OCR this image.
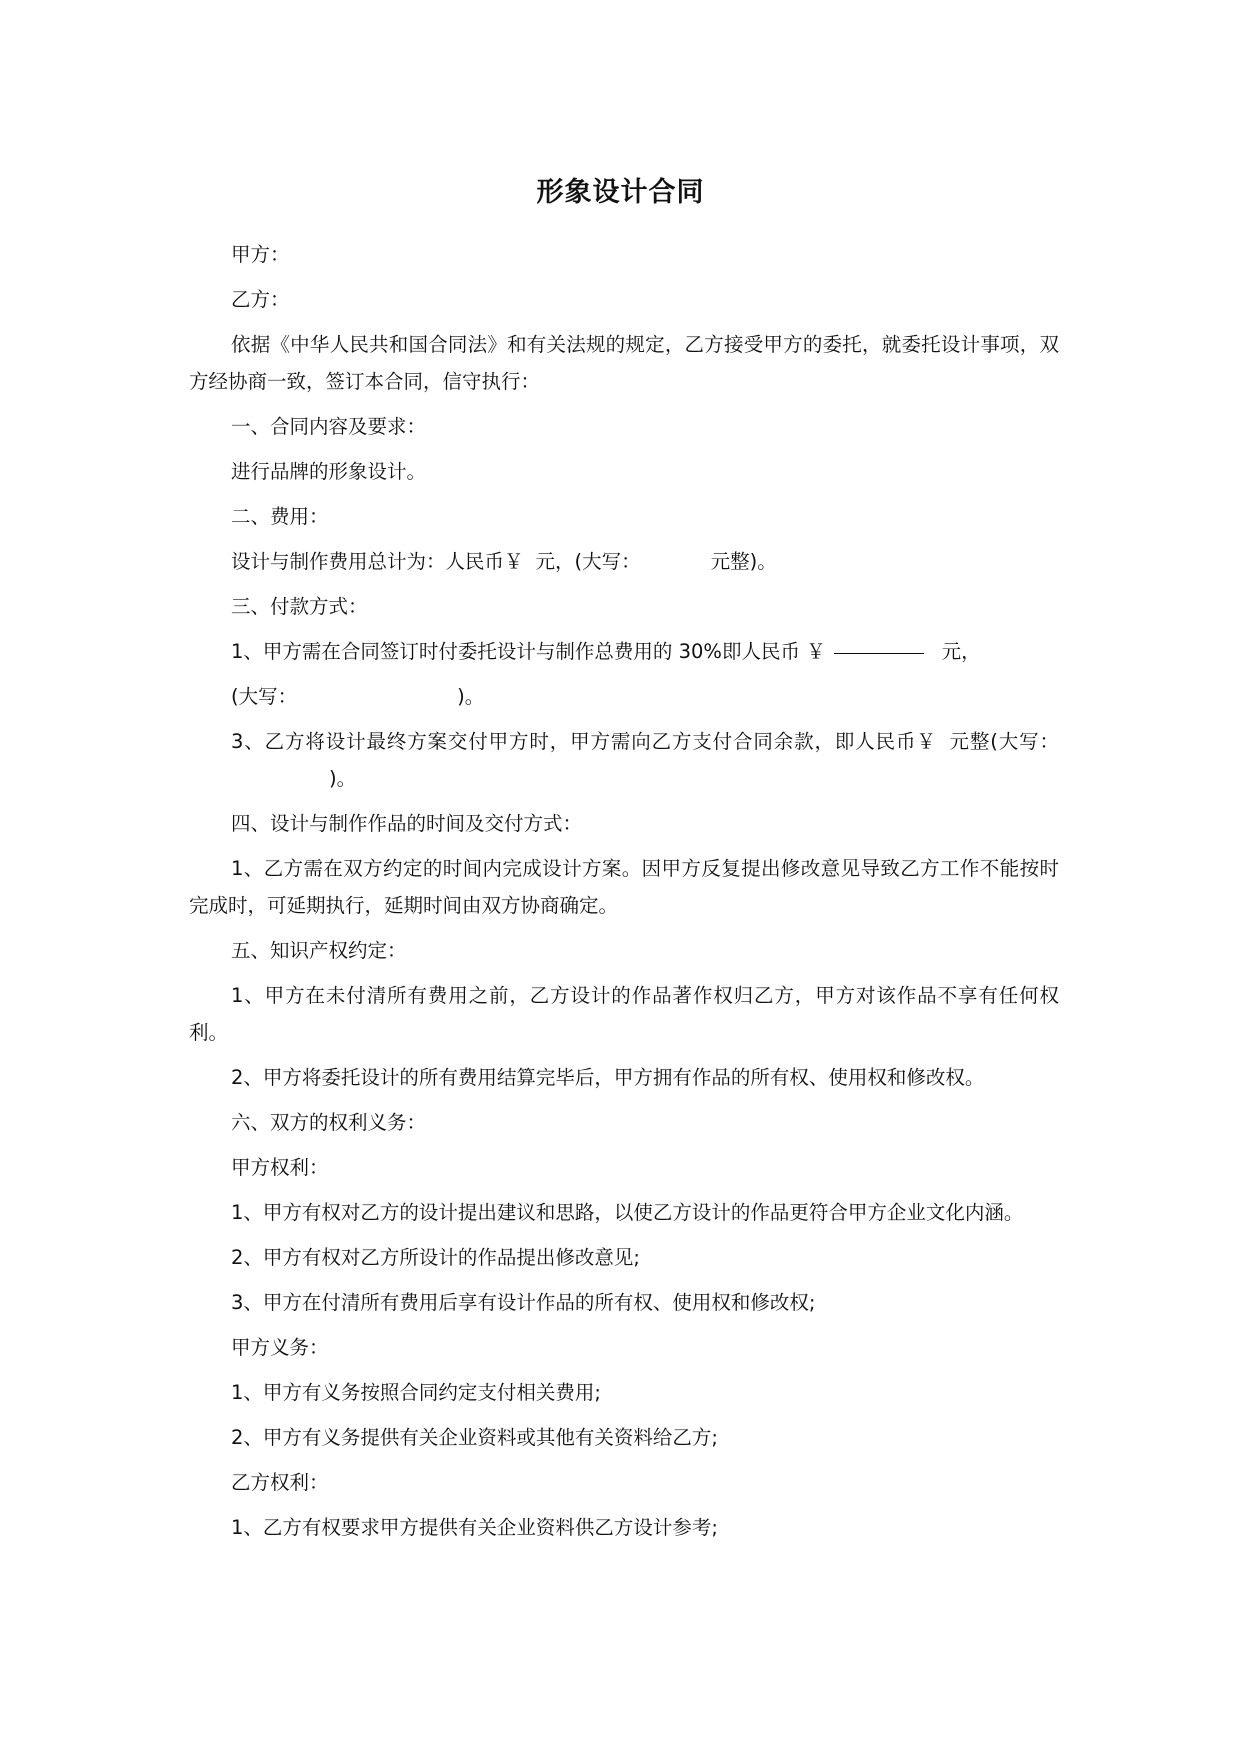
形象设计合同

甲方：

乙方：

依据《中华人民共和国合同法》和有关法规的规定，乙方接受甲方的委托，就委托设计事项，双方经协商一致，签订本合同，信守执行：

一、合同内容及要求：

进行品牌的形象设计。

二、费用：

设计与制作费用总计为：人民币￥ 元，(大写：	元整)。

三、付款方式：

1、甲方需在合同签订时付委托设计与制作总费用的 30%即人民币 ￥	元，

(大写：	)。

3、乙方将设计最终方案交付甲方时，甲方需向乙方支付合同余款，即人民币￥ 元整(大写：)。

四、设计与制作作品的时间及交付方式：

1、乙方需在双方约定的时间内完成设计方案。因甲方反复提出修改意见导致乙方工作不能按时完成时，可延期执行，延期时间由双方协商确定。

五、知识产权约定：

1、甲方在未付清所有费用之前，乙方设计的作品著作权归乙方，甲方对该作品不享有任何权利。

2、甲方将委托设计的所有费用结算完毕后，甲方拥有作品的所有权、使用权和修改权。

六、双方的权利义务：

甲方权利：

1、甲方有权对乙方的设计提出建议和思路，以使乙方设计的作品更符合甲方企业文化内涵。

2、甲方有权对乙方所设计的作品提出修改意见;

3、甲方在付清所有费用后享有设计作品的所有权、使用权和修改权;

甲方义务：

1、甲方有义务按照合同约定支付相关费用;

2、甲方有义务提供有关企业资料或其他有关资料给乙方;

乙方权利：

1、乙方有权要求甲方提供有关企业资料供乙方设计参考;
